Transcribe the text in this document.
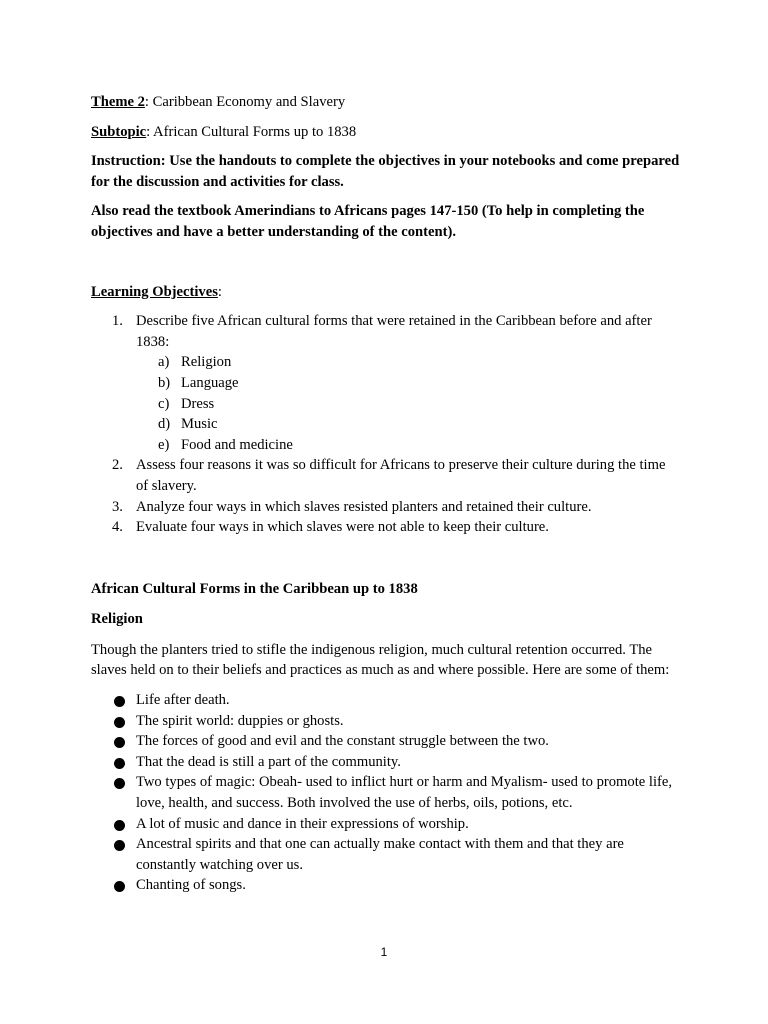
Theme 2: Caribbean Economy and Slavery

Subtopic: African Cultural Forms up to 1838

Instruction: Use the handouts to complete the objectives in your notebooks and come prepared for the discussion and activities for class.

Also read the textbook Amerindians to Africans pages 147-150 (To help in completing the objectives and have a better understanding of the content).

Learning Objectives:

1. Describe five African cultural forms that were retained in the Caribbean before and after 1838:
a) Religion
b) Language
c) Dress
d) Music
e) Food and medicine
2. Assess four reasons it was so difficult for Africans to preserve their culture during the time of slavery.
3. Analyze four ways in which slaves resisted planters and retained their culture.
4. Evaluate four ways in which slaves were not able to keep their culture.

African Cultural Forms in the Caribbean up to 1838

Religion

Though the planters tried to stifle the indigenous religion, much cultural retention occurred. The slaves held on to their beliefs and practices as much as and where possible. Here are some of them:

Life after death.
The spirit world: duppies or ghosts.
The forces of good and evil and the constant struggle between the two.
That the dead is still a part of the community.
Two types of magic: Obeah- used to inflict hurt or harm and Myalism- used to promote life, love, health, and success. Both involved the use of herbs, oils, potions, etc.
A lot of music and dance in their expressions of worship.
Ancestral spirits and that one can actually make contact with them and that they are constantly watching over us.
Chanting of songs.
1
